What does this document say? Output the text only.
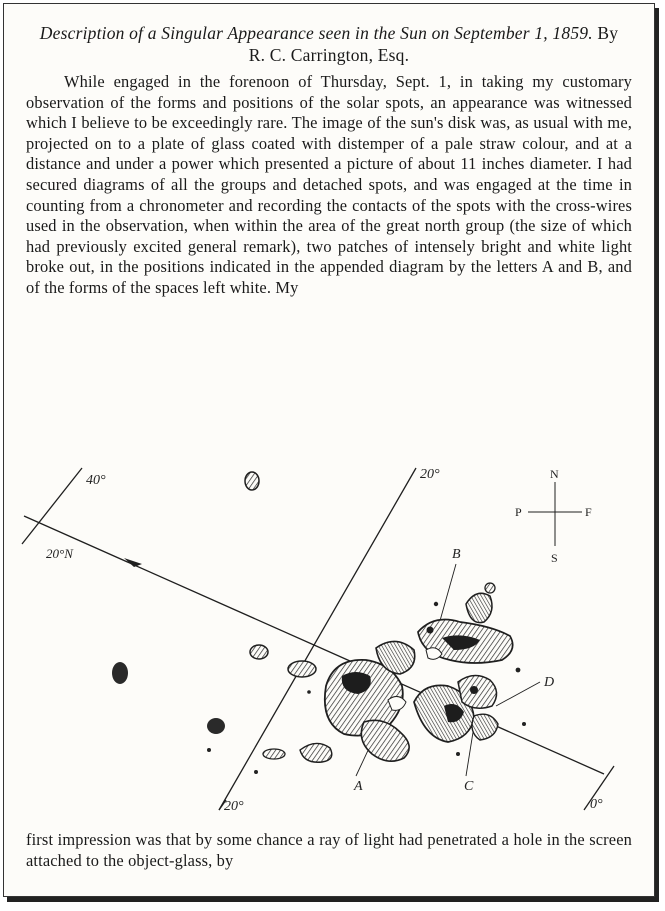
Description of a Singular Appearance seen in the Sun on September 1, 1859. By R. C. Carrington, Esq.

While engaged in the forenoon of Thursday, Sept. 1, in taking my customary observation of the forms and positions of the solar spots, an appearance was witnessed which I believe to be exceedingly rare. The image of the sun's disk was, as usual with me, projected on to a plate of glass coated with distemper of a pale straw colour, and at a distance and under a power which presented a picture of about 11 inches diameter. I had secured diagrams of all the groups and detached spots, and was engaged at the time in counting from a chronometer and recording the contacts of the spots with the cross-wires used in the observation, when within the area of the great north group (the size of which had previously excited general remark), two patches of intensely bright and white light broke out, in the positions indicated in the appended diagram by the letters A and B, and of the forms of the spaces left white. My

40°	20°
20°N
20°	0°
A
B
C
D
N
S
P	F

first impression was that by some chance a ray of light had penetrated a hole in the screen attached to the object-glass, by
